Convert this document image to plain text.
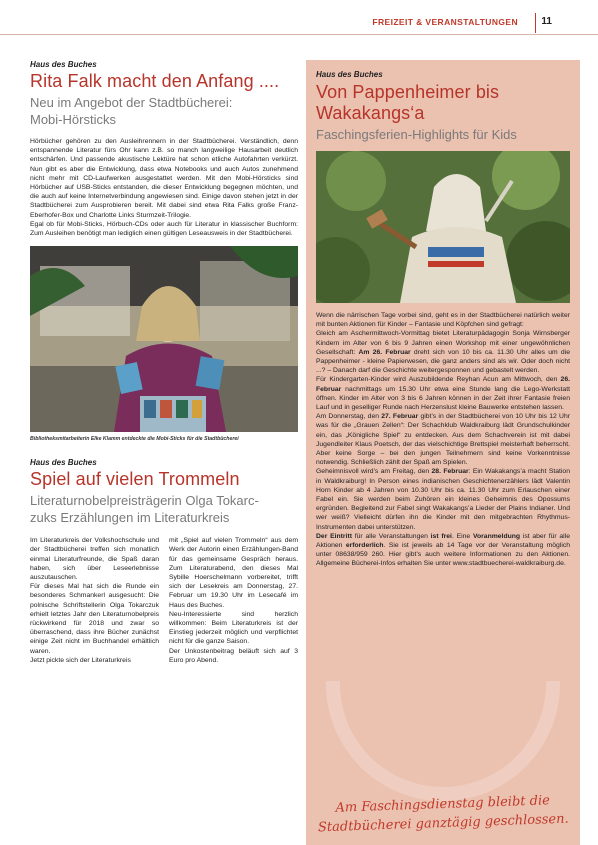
FREIZEIT & VERANSTALTUNGEN 11
Haus des Buches
Rita Falk macht den Anfang ....
Neu im Angebot der Stadtbücherei:
Mobi-Hörsticks

Hörbücher gehören zu den Ausleihrennern in der Stadtbücherei. Verständlich, denn entspannende Literatur fürs Ohr kann z.B. so manch langweilige Hausarbeit deutlich entschärfen. Und passende akustische Lektüre hat schon etliche Autofahrten verkürzt. Nun gibt es aber die Entwicklung, dass etwa Notebooks und auch Autos zunehmend nicht mehr mit CD-Laufwerken ausgestattet werden. Mit den Mobi-Hörsticks sind Hörbücher auf USB-Sticks entstanden, die dieser Entwicklung begegnen möchten, und die auch auf keine Internetverbindung angewiesen sind. Einige davon stehen jetzt in der Stadtbücherei zum Ausprobieren bereit. Mit dabei sind etwa Rita Falks große Franz-Eberhofer-Box und Charlotte Links Sturmzeit-Trilogie.

Egal ob für Mobi-Sticks, Hörbuch-CDs oder auch für Literatur in klassischer Buchform: Zum Ausleihen benötigt man lediglich einen gültigen Leseausweis in der Stadtbücherei.

Bibliotheksmitarbeiterin Elke Klamm entdeckte die Mobi-Sticks für die Stadtbücherei
Haus des Buches
Spiel auf vielen Trommeln
Literaturnobelpreisträgerin Olga Tokarc-
zuks Erzählungen im Literaturkreis

Im Literaturkreis der Volkshochschule und der Stadtbücherei treffen sich monatlich einmal Literaturfreunde, die Spaß daran haben, sich über Leseerlebnisse auszutauschen.

Für dieses Mal hat sich die Runde ein besonderes Schmankerl ausgesucht: Die polnische Schriftstellerin Olga Tokarczuk erhielt letztes Jahr den Literaturnobelpreis rückwirkend für 2018 und zwar so überraschend, dass ihre Bücher zunächst einige Zeit nicht im Buchhandel erhältlich waren.

Jetzt pickte sich der Literaturkreis

mit „Spiel auf vielen Trommeln“ aus dem Werk der Autorin einen Erzählungen-Band für das gemeinsame Gespräch heraus. Zum Literaturabend, den dieses Mal Sybille Hoerschelmann vorbereitet, trifft sich der Lesekreis am Donnerstag, 27. Februar um 19.30 Uhr im Lesecafé im Haus des Buches.

Neu-Interessierte sind herzlich willkommen: Beim Literaturkreis ist der Einstieg jederzeit möglich und verpflichtet nicht für die ganze Saison.

Der Unkostenbeitrag beläuft sich auf 3 Euro pro Abend.

Haus des Buches
Von Pappenheimer bis
Wakakangs‘a
Faschingsferien-Highlights für Kids

Wenn die närrischen Tage vorbei sind, geht es in der Stadtbücherei natürlich weiter mit bunten Aktionen für Kinder – Fantasie und Köpfchen sind gefragt:

Gleich am Aschermittwoch-Vormittag bietet Literaturpädagogin Sonja Wirnsberger Kindern im Alter von 6 bis 9 Jahren einen Workshop mit einer ungewöhnlichen Gesellschaft: Am 26. Februar dreht sich von 10 bis ca. 11.30 Uhr alles um die Pappenheimer - kleine Papierwesen, die ganz anders sind als wir. Oder doch nicht ...? – Danach darf die Geschichte weitergesponnen und gebastelt werden.

Für Kindergarten-Kinder wird Auszubildende Reyhan Acun am Mittwoch, den 26. Februar nachmittags um 15.30 Uhr etwa eine Stunde lang die Lego-Werkstatt öffnen. Kinder im Alter von 3 bis 6 Jahren können in der Zeit ihrer Fantasie freien Lauf und in geselliger Runde nach Herzenslust kleine Bauwerke entstehen lassen.

Am Donnerstag, den 27. Februar gibt’s in der Stadtbücherei von 10 Uhr bis 12 Uhr was für die „Grauen Zellen“: Der Schachklub Waldkraiburg lädt Grundschulkinder ein, das „Königliche Spiel“ zu entdecken. Aus dem Schachverein ist mit dabei Jugendleiter Klaus Poetsch, der das vielschichtige Brettspiel meisterhaft beherrscht. Aber keine Sorge – bei den jungen Teilnehmern sind keine Vorkenntnisse notwendig. Schließlich zählt der Spaß am Spielen.

Geheimnisvoll wird’s am Freitag, den 28. Februar: Ein Wakakangs’a macht Station in Waldkraiburg! In Person eines indianischen Geschichtenerzählers lädt Valentin Horn Kinder ab 4 Jahren von 10.30 Uhr bis ca. 11.30 Uhr zum Erlauschen einer Fabel ein. Sie werden beim Zuhören ein kleines Geheimnis des Opossums ergründen. Begleitend zur Fabel singt Wakakangs’a Lieder der Plains Indianer. Und wer weiß? Vielleicht dürfen ihn die Kinder mit den mitgebrachten Rhythmus-Instrumenten dabei unterstützen.

Der Eintritt für alle Veranstaltungen ist frei. Eine Voranmeldung ist aber für alle Aktionen erforderlich. Sie ist jeweils ab 14 Tage vor der Veranstaltung möglich unter 08638/959 260. Hier gibt’s auch weitere Informationen zu den Aktionen. Allgemeine Bücherei-Infos erhalten Sie unter www.stadtbuecherei-waldkraiburg.de.

Am Faschingsdienstag bleibt die
Stadtbücherei ganztägig geschlossen.
